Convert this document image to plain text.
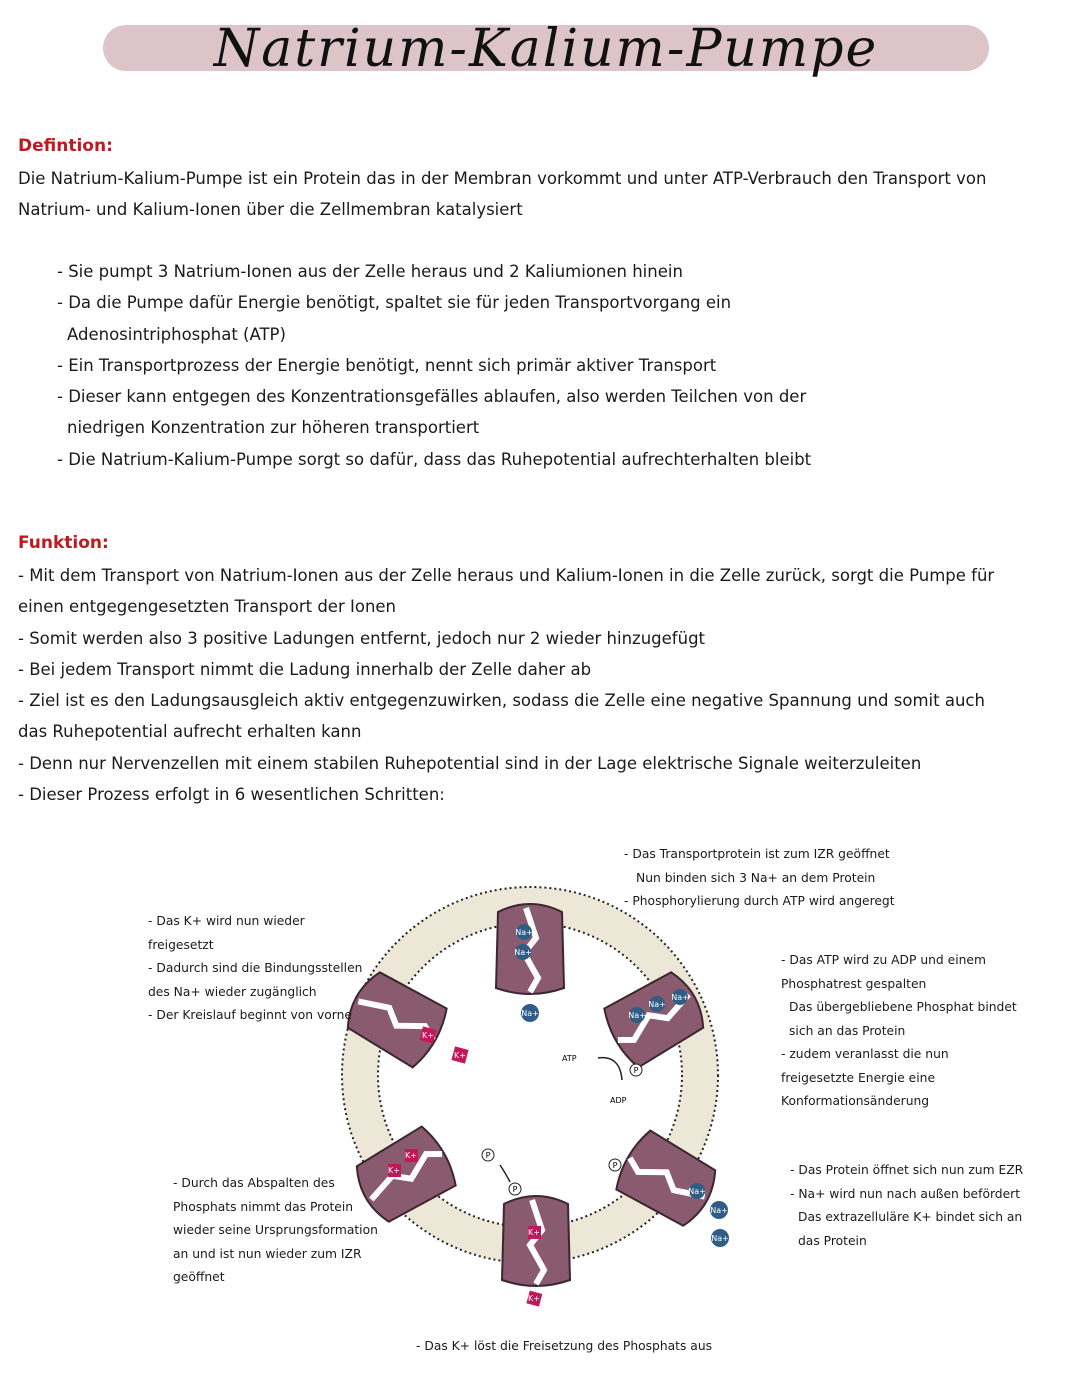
Natrium-Kalium-Pumpe
Defintion:
Die Natrium-Kalium-Pumpe ist ein Protein das in der Membran vorkommt und unter ATP-Verbrauch den Transport von Natrium- und Kalium-Ionen über die Zellmembran katalysiert
- Sie pumpt 3 Natrium-Ionen aus der Zelle heraus und 2 Kaliumionen hinein
- Da die Pumpe dafür Energie benötigt, spaltet sie für jeden Transportvorgang ein Adenosintriphosphat (ATP)
- Ein Transportprozess der Energie benötigt, nennt sich primär aktiver Transport
- Dieser kann entgegen des Konzentrationsgefälles ablaufen, also werden Teilchen von der niedrigen Konzentration zur höheren transportiert
- Die Natrium-Kalium-Pumpe sorgt so dafür, dass das Ruhepotential aufrechterhalten bleibt
Funktion:
- Mit dem Transport von Natrium-Ionen aus der Zelle heraus und Kalium-Ionen in die Zelle zurück, sorgt die Pumpe für einen entgegengesetzten Transport der Ionen
- Somit werden also 3 positive Ladungen entfernt, jedoch nur 2 wieder hinzugefügt
- Bei jedem Transport nimmt die Ladung innerhalb der Zelle daher ab
- Ziel ist es den Ladungsausgleich aktiv entgegenzuwirken, sodass die Zelle eine negative Spannung und somit auch das Ruhepotential aufrecht erhalten kann
- Denn nur Nervenzellen mit einem stabilen Ruhepotential sind in der Lage elektrische Signale weiterzuleiten
- Dieser Prozess erfolgt in 6 wesentlichen Schritten:
Na+
Na+
Na+	Na+
Na+
Na+
Na+
Na+
Na+
K+
K+
K+
K+
K+
K+
ATP
ADP
P
P
P
P

- Das Transportprotein ist zum IZR geöffnet

Nun binden sich 3 Na+ an dem Protein

- Phosphorylierung durch ATP wird angeregt

- Das ATP wird zu ADP und einem Phosphatrest gespalten

Das übergebliebene Phosphat bindet sich an das Protein

- zudem veranlasst die nun freigesetzte Energie eine Konformationsänderung

- Das Protein öffnet sich nun zum EZR

- Na+ wird nun nach außen befördert

Das extrazelluläre K+ bindet sich an das Protein

- Das K+ löst die Freisetzung des Phosphats aus

- Durch das Abspalten des Phosphats nimmt das Protein wieder seine Ursprungsformation an und ist nun wieder zum IZR geöffnet

- Das K+ wird nun wieder freigesetzt

- Dadurch sind die Bindungsstellen des Na+ wieder zugänglich

- Der Kreislauf beginnt von vorne
